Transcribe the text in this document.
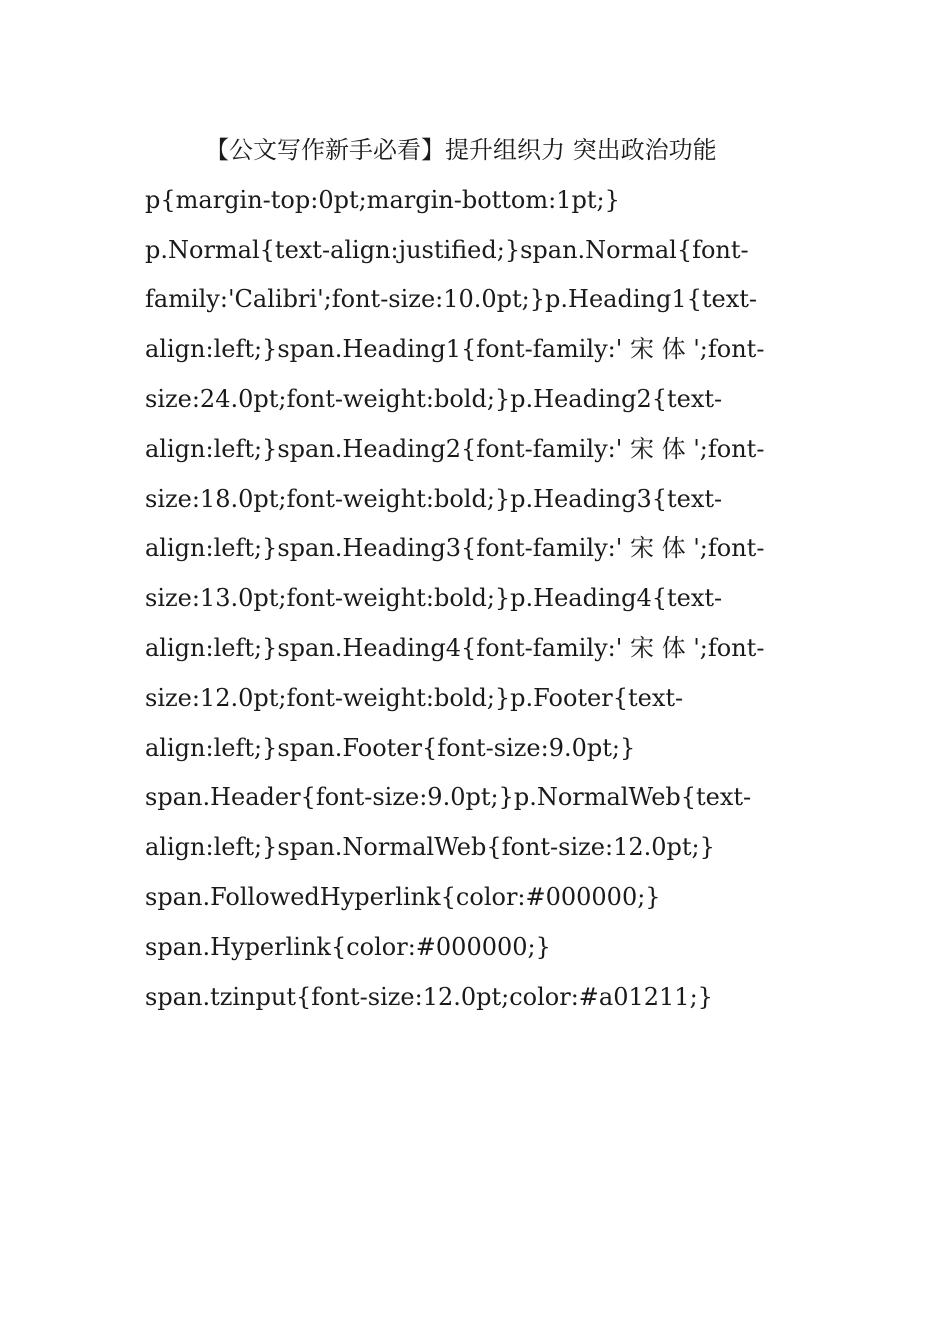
【公文写作新手必看】提升组织力 突出政治功能

p{margin-top:0pt;margin-bottom:1pt;}

p.Normal{text-align:justified;}span.Normal{font-

family:'Calibri';font-size:10.0pt;}p.Heading1{text-

align:left;}span.Heading1{font-family:' 宋 体 ';font-

size:24.0pt;font-weight:bold;}p.Heading2{text-

align:left;}span.Heading2{font-family:' 宋 体 ';font-

size:18.0pt;font-weight:bold;}p.Heading3{text-

align:left;}span.Heading3{font-family:' 宋 体 ';font-

size:13.0pt;font-weight:bold;}p.Heading4{text-

align:left;}span.Heading4{font-family:' 宋 体 ';font-

size:12.0pt;font-weight:bold;}p.Footer{text-

align:left;}span.Footer{font-size:9.0pt;}

span.Header{font-size:9.0pt;}p.NormalWeb{text-

align:left;}span.NormalWeb{font-size:12.0pt;}

span.FollowedHyperlink{color:#000000;}

span.Hyperlink{color:#000000;}

span.tzinput{font-size:12.0pt;color:#a01211;}
